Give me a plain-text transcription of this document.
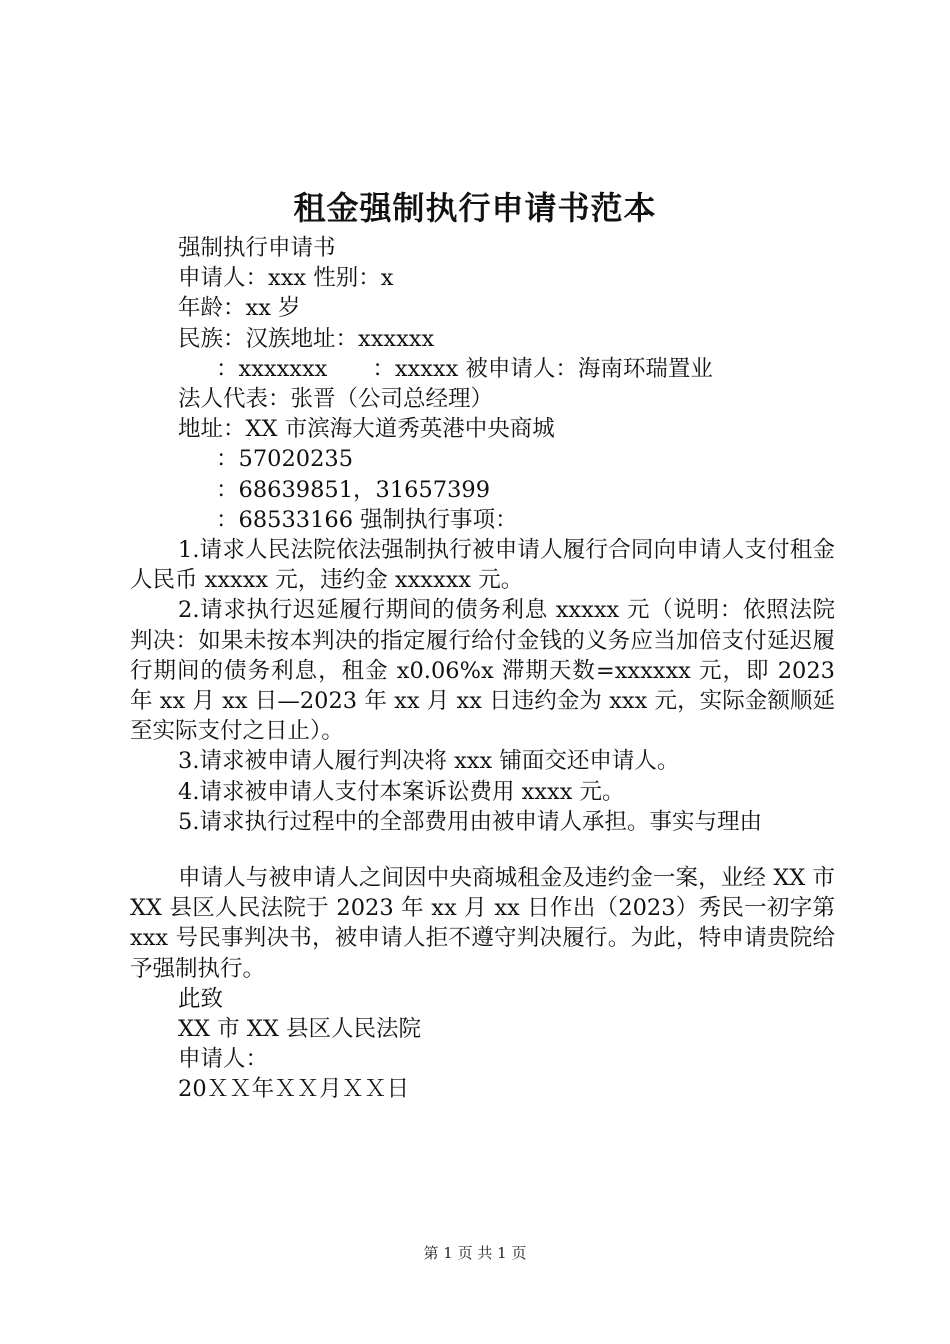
租金强制执行申请书范本

强制执行申请书

申请人：xxx 性别：x

年龄：xx 岁

民族：汉族地址：xxxxxx

：xxxxxxx　　：xxxxx 被申请人：海南环瑞置业

法人代表：张晋（公司总经理）

地址：XX 市滨海大道秀英港中央商城

：57020235

：68639851，31657399

：68533166 强制执行事项：

1.请求人民法院依法强制执行被申请人履行合同向申请人支付租金人民币 xxxxx 元，违约金 xxxxxx 元。

2.请求执行迟延履行期间的债务利息 xxxxx 元（说明：依照法院判决：如果未按本判决的指定履行给付金钱的义务应当加倍支付延迟履行期间的债务利息，租金 x0.06%x 滞期天数=xxxxxx 元，即 2023 年 xx 月 xx 日—2023 年 xx 月 xx 日违约金为 xxx 元，实际金额顺延至实际支付之日止）。

3.请求被申请人履行判决将 xxx 铺面交还申请人。

4.请求被申请人支付本案诉讼费用 xxxx 元。

5.请求执行过程中的全部费用由被申请人承担。事实与理由

申请人与被申请人之间因中央商城租金及违约金一案，业经 XX 市 XX 县区人民法院于 2023 年 xx 月 xx 日作出（2023）秀民一初字第 xxx 号民事判决书，被申请人拒不遵守判决履行。为此，特申请贵院给予强制执行。

此致

XX 市 XX 县区人民法院

申请人：

20ＸＸ年ＸＸ月ＸＸ日

第 1 页 共 1 页
